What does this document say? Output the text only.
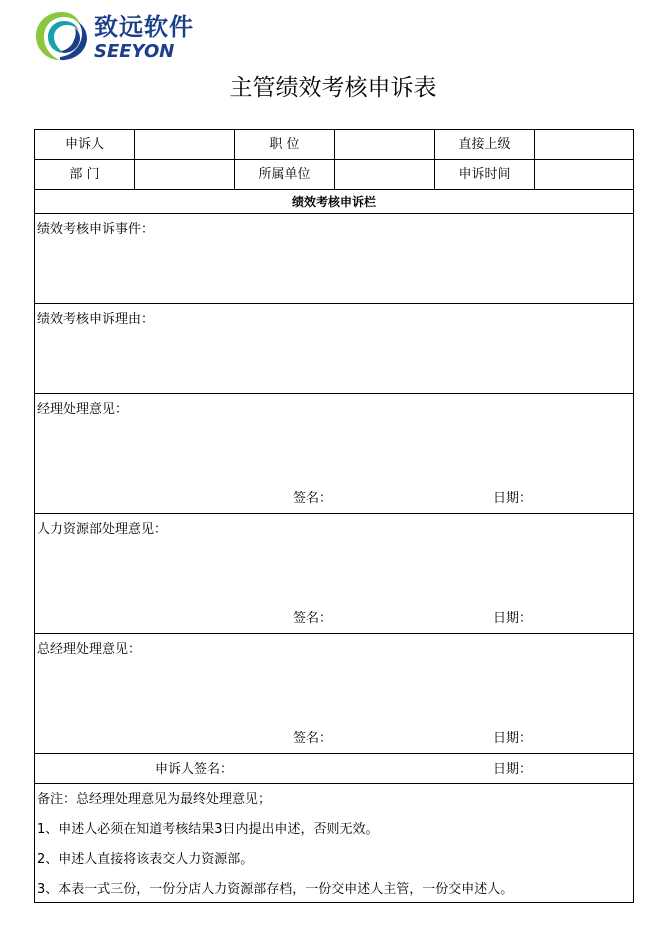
致远软件
SEEYON
主管绩效考核申诉表
申诉人	职 位	直接上级
部 门	所属单位	申诉时间
绩效考核申诉栏
绩效考核申诉事件：
绩效考核申诉理由：
经理处理意见：
签名：	日期：
人力资源部处理意见：
签名：	日期：
总经理处理意见：
签名：	日期：
申诉人签名：	日期：
备注：总经理处理意见为最终处理意见；
1、申述人必须在知道考核结果3日内提出申述，否则无效。
2、申述人直接将该表交人力资源部。
3、本表一式三份，一份分店人力资源部存档，一份交申述人主管，一份交申述人。
